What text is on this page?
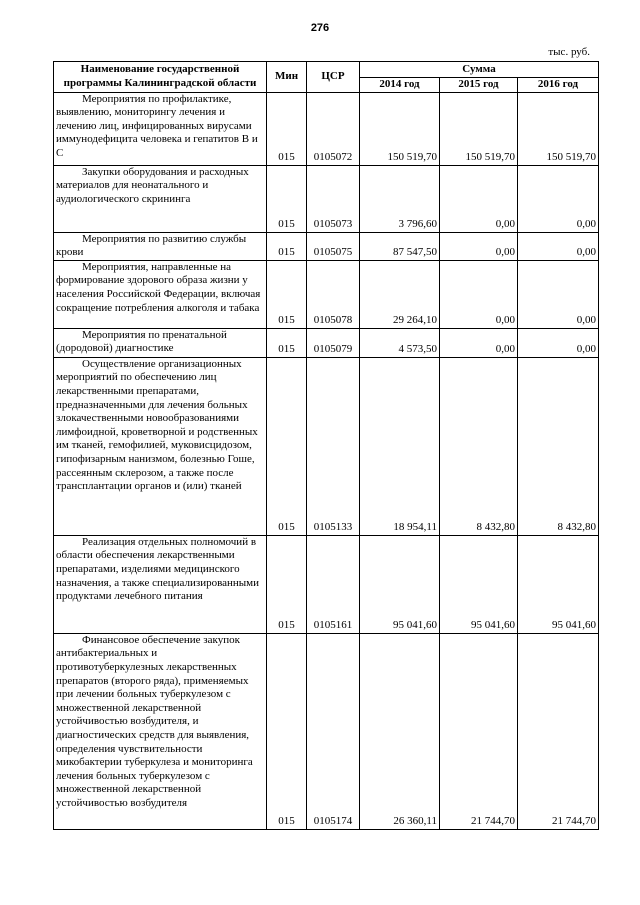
276
тыс. руб.
Наименование государственной программы Калининградской области	Мин	ЦСР	Сумма		
			2014 год	2015 год	2016 год
Мероприятия по профилактике, выявлению, мониторингу лечения и лечению лиц, инфицированных вирусами иммунодефицита человека и гепатитов В и С	015	0105072	150 519,70	150 519,70	150 519,70
Закупки оборудования и расходных материалов для неонатального и аудиологического скрининга	015	0105073	3 796,60	0,00	0,00
Мероприятия по развитию службы крови	015	0105075	87 547,50	0,00	0,00
Мероприятия, направленные на формирование здорового образа жизни у населения Российской Федерации, включая сокращение потребления алкоголя и табака	015	0105078	29 264,10	0,00	0,00
Мероприятия по пренатальной (дородовой) диагностике	015	0105079	4 573,50	0,00	0,00
Осуществление организационных мероприятий по обеспечению лиц лекарственными препаратами, предназначенными для лечения больных злокачественными новообразованиями лимфоидной, кроветворной и родственных им тканей, гемофилией, муковисцидозом, гипофизарным нанизмом, болезнью Гоше, рассеянным склерозом, а также после трансплантации органов и (или) тканей	015	0105133	18 954,11	8 432,80	8 432,80
Реализация отдельных полномочий в области обеспечения лекарственными препаратами, изделиями медицинского назначения, а также специализированными продуктами лечебного питания	015	0105161	95 041,60	95 041,60	95 041,60
Финансовое обеспечение закупок антибактериальных и противотуберкулезных лекарственных препаратов (второго ряда), применяемых при лечении больных туберкулезом с множественной лекарственной устойчивостью возбудителя, и диагностических средств для выявления, определения чувствительности микобактерии туберкулеза и мониторинга лечения больных туберкулезом с множественной лекарственной устойчивостью возбудителя	015	0105174	26 360,11	21 744,70	21 744,70
